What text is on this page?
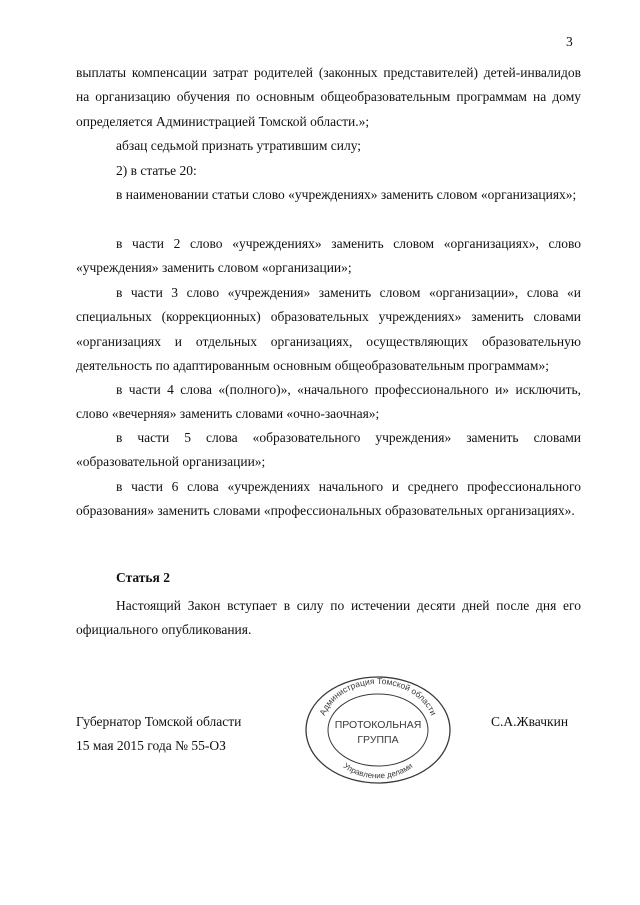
3

выплаты компенсации затрат родителей (законных представителей) детей-инвалидов на организацию обучения по основным общеобразовательным программам на дому определяется Администрацией Томской области.»;

абзац седьмой признать утратившим силу;

2) в статье 20:

в наименовании статьи слово «учреждениях» заменить словом «организациях»;

в части 2 слово «учреждениях» заменить словом «организациях», слово «учреждения» заменить словом «организации»;

в части 3 слово «учреждения» заменить словом «организации», слова «и специальных (коррекционных) образовательных учреждениях» заменить словами «организациях и отдельных организациях, осуществляющих образовательную деятельность по адаптированным основным общеобразовательным программам»;

в части 4 слова «(полного)», «начального профессионального и» исключить, слово «вечерняя» заменить словами «очно-заочная»;

в части 5 слова «образовательного учреждения» заменить словами «образовательной организации»;

в части 6 слова «учреждениях начального и среднего профессионального образования» заменить словами «профессиональных образовательных организациях».

Статья 2

Настоящий Закон вступает в силу по истечении десяти дней после дня его официального опубликования.

Губернатор Томской области
15 мая 2015 года № 55-ОЗ
С.А.Жвачкин
Администрация Томской области
Управление делами
ПРОТОКОЛЬНАЯ
ГРУППА
